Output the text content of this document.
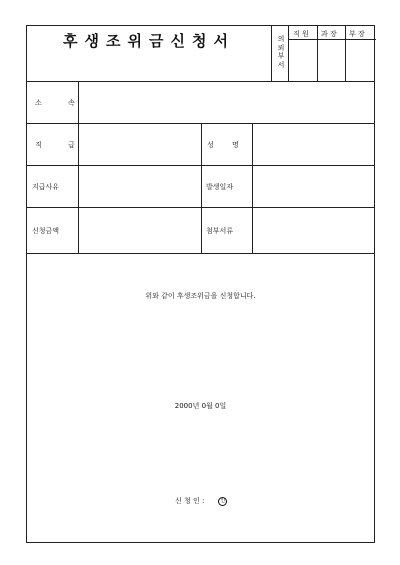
후생조위금신청서	의뢰부서
직 원 과 장 부 장
소 속
직 급	성 명
지급사유	발생일자
신청금액	첨부서류
위와 같이 후생조위금을 신청합니다.
2000년 0월 0일
신 청 인 :	인
